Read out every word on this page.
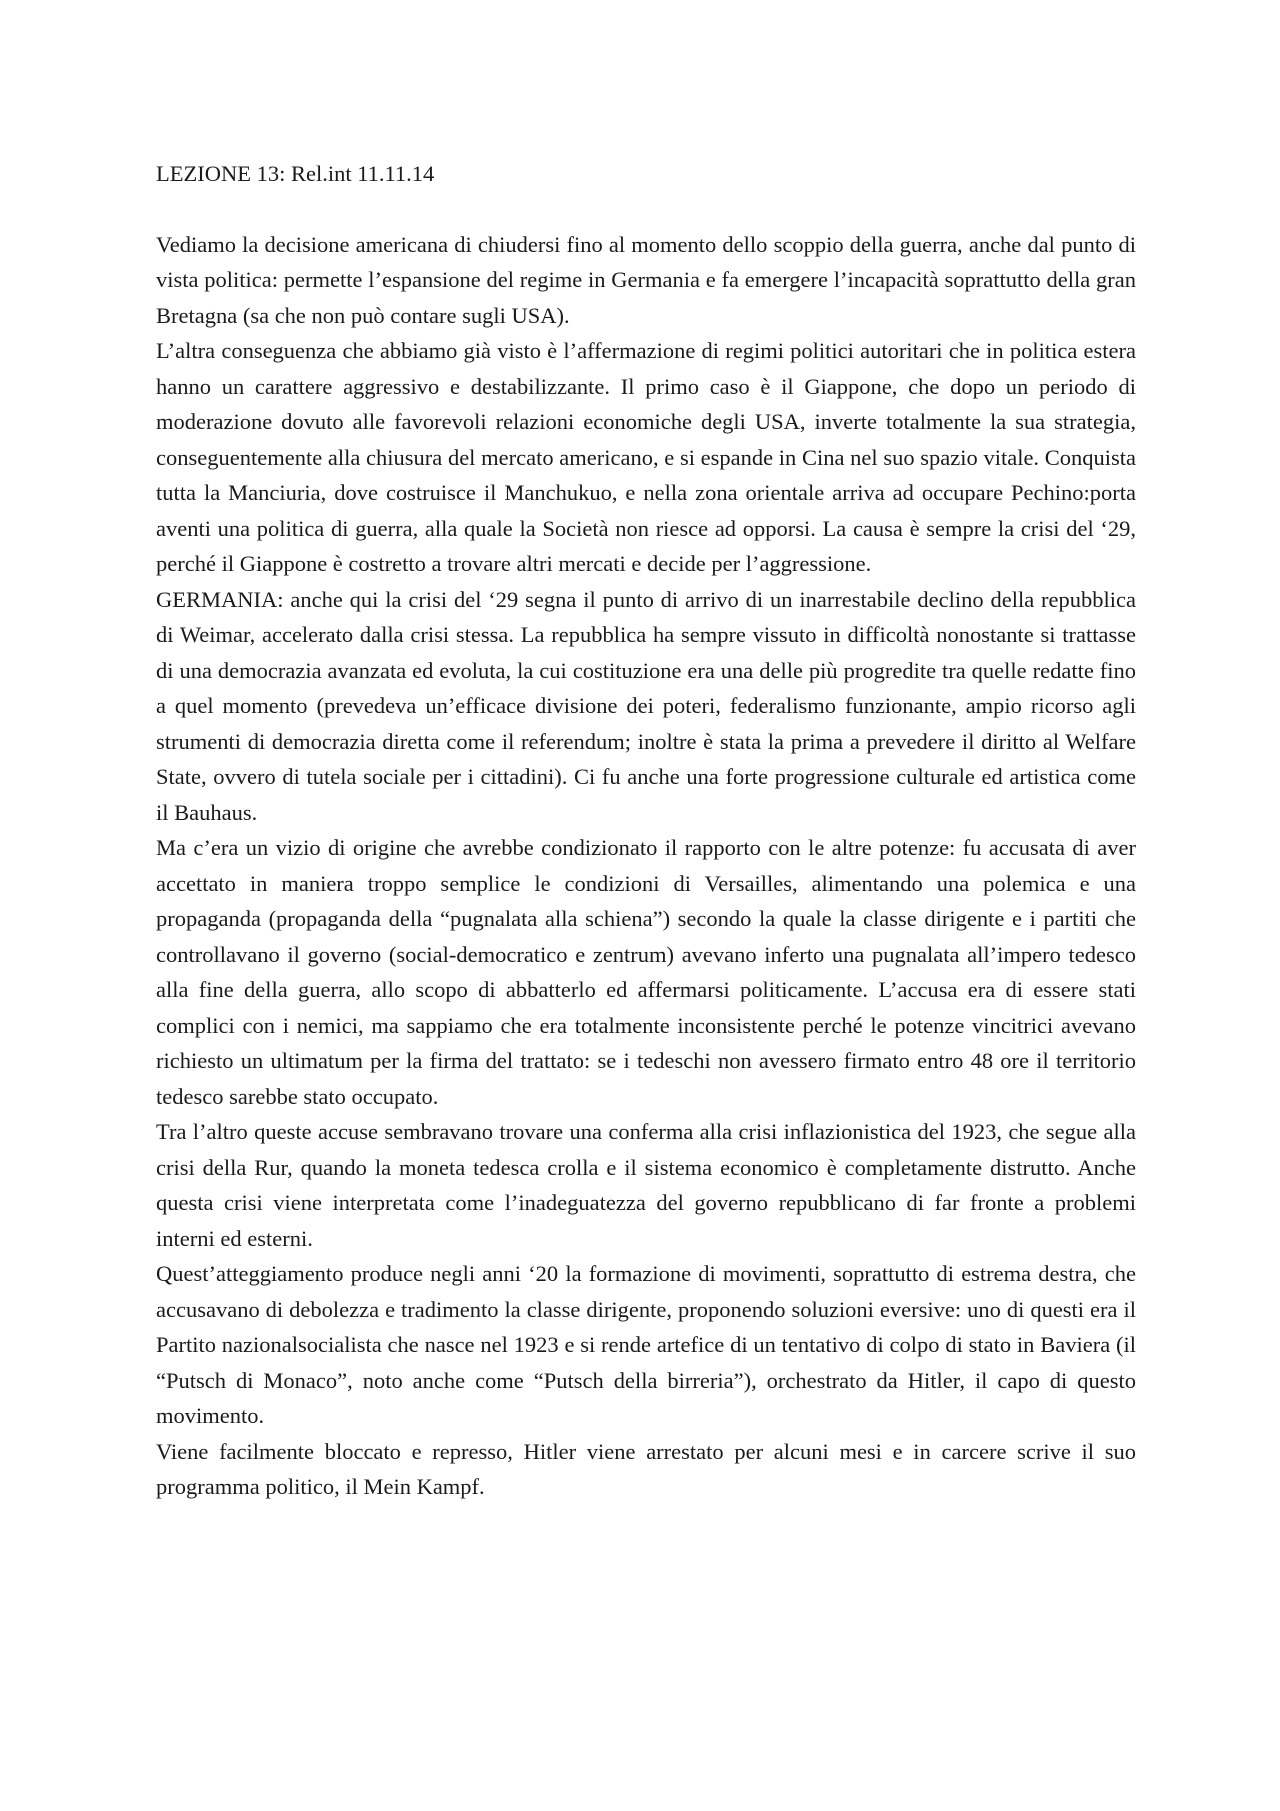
LEZIONE 13: Rel.int 11.11.14

Vediamo la decisione americana di chiudersi fino al momento dello scoppio della guerra, anche dal punto di vista politica: permette l’espansione del regime in Germania e fa emergere l’incapacità soprattutto della gran Bretagna (sa che non può contare sugli USA).

L’altra conseguenza che abbiamo già visto è l’affermazione di regimi politici autoritari che in politica estera hanno un carattere aggressivo e destabilizzante. Il primo caso è il Giappone, che dopo un periodo di moderazione dovuto alle favorevoli relazioni economiche degli USA, inverte totalmente la sua strategia, conseguentemente alla chiusura del mercato americano, e si espande in Cina nel suo spazio vitale. Conquista tutta la Manciuria, dove costruisce il Manchukuo, e nella zona orientale arriva ad occupare Pechino:porta aventi una politica di guerra, alla quale la Società non riesce ad opporsi. La causa è sempre la crisi del ‘29, perché il Giappone è costretto a trovare altri mercati e decide per l’aggressione.

GERMANIA: anche qui la crisi del ‘29 segna il punto di arrivo di un inarrestabile declino della repubblica di Weimar, accelerato dalla crisi stessa. La repubblica ha sempre vissuto in difficoltà nonostante si trattasse di una democrazia avanzata ed evoluta, la cui costituzione era una delle più progredite tra quelle redatte fino a quel momento (prevedeva un’efficace divisione dei poteri, federalismo funzionante, ampio ricorso agli strumenti di democrazia diretta come il referendum; inoltre è stata la prima a prevedere il diritto al Welfare State, ovvero di tutela sociale per i cittadini). Ci fu anche una forte progressione culturale ed artistica come il Bauhaus.

Ma c’era un vizio di origine che avrebbe condizionato il rapporto con le altre potenze: fu accusata di aver accettato in maniera troppo semplice le condizioni di Versailles, alimentando una polemica e una propaganda (propaganda della “pugnalata alla schiena”) secondo la quale la classe dirigente e i partiti che controllavano il governo (social-democratico e zentrum) avevano inferto una pugnalata all’impero tedesco alla fine della guerra, allo scopo di abbatterlo ed affermarsi politicamente. L’accusa era di essere stati complici con i nemici, ma sappiamo che era totalmente inconsistente perché le potenze vincitrici avevano richiesto un ultimatum per la firma del trattato: se i tedeschi non avessero firmato entro 48 ore il territorio tedesco sarebbe stato occupato.

Tra l’altro queste accuse sembravano trovare una conferma alla crisi inflazionistica del 1923, che segue alla crisi della Rur, quando la moneta tedesca crolla e il sistema economico è completamente distrutto. Anche questa crisi viene interpretata come l’inadeguatezza del governo repubblicano di far fronte a problemi interni ed esterni.

Quest’atteggiamento produce negli anni ‘20 la formazione di movimenti, soprattutto di estrema destra, che accusavano di debolezza e tradimento la classe dirigente, proponendo soluzioni eversive: uno di questi era il Partito nazionalsocialista che nasce nel 1923 e si rende artefice di un tentativo di colpo di stato in Baviera (il “Putsch di Monaco”, noto anche come “Putsch della birreria”), orchestrato da Hitler, il capo di questo movimento.

Viene facilmente bloccato e represso, Hitler viene arrestato per alcuni mesi e in carcere scrive il suo programma politico, il Mein Kampf.
